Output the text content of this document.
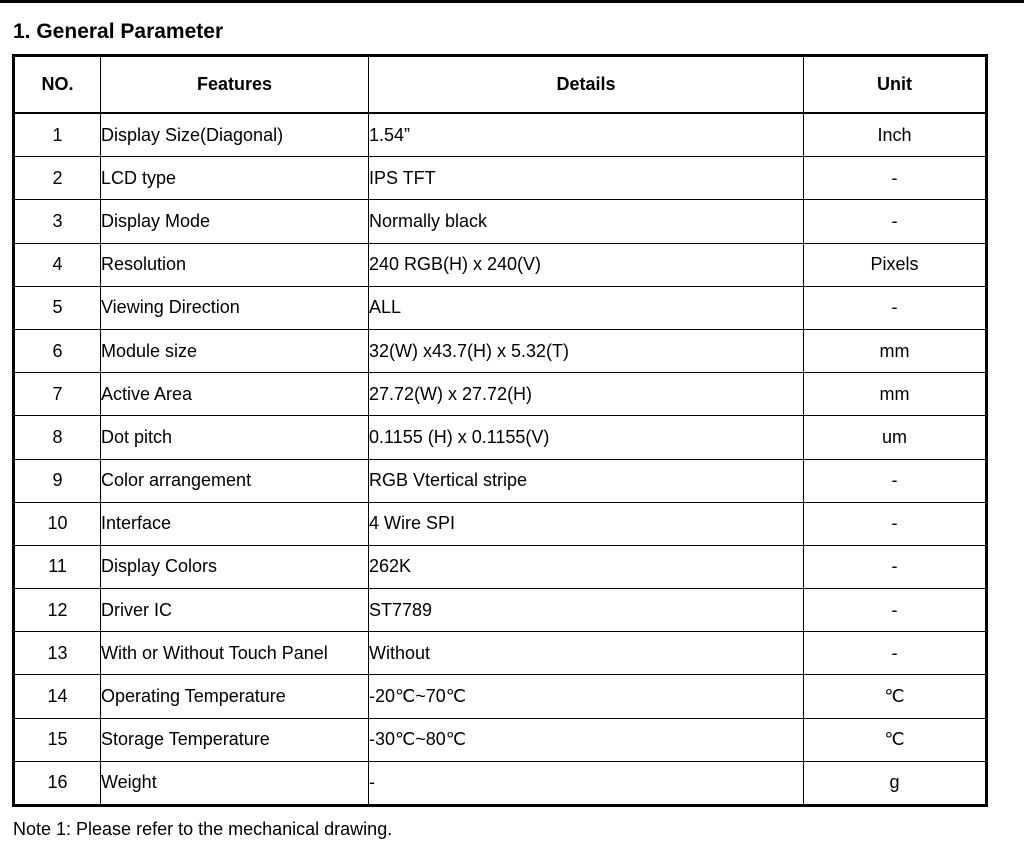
1. General Parameter
NO.	Features	Details	Unit
1	Display Size(Diagonal)	1.54”	Inch
2	LCD type	IPS TFT	-
3	Display Mode	Normally black	-
4	Resolution	240 RGB(H) x 240(V)	Pixels
5	Viewing Direction	ALL	-
6	Module size	32(W) x43.7(H) x 5.32(T)	mm
7	Active Area	27.72(W) x 27.72(H)	mm
8	Dot pitch	0.1155 (H) x 0.1155(V)	um
9	Color arrangement	RGB Vtertical stripe	-
10	Interface	4 Wire SPI	-
11	Display Colors	262K	-
12	Driver IC	ST7789	-
13	With or Without Touch Panel	Without	-
14	Operating Temperature	-20℃~70℃	℃
15	Storage Temperature	-30℃~80℃	℃
16	Weight	-	g
Note 1: Please refer to the mechanical drawing.
